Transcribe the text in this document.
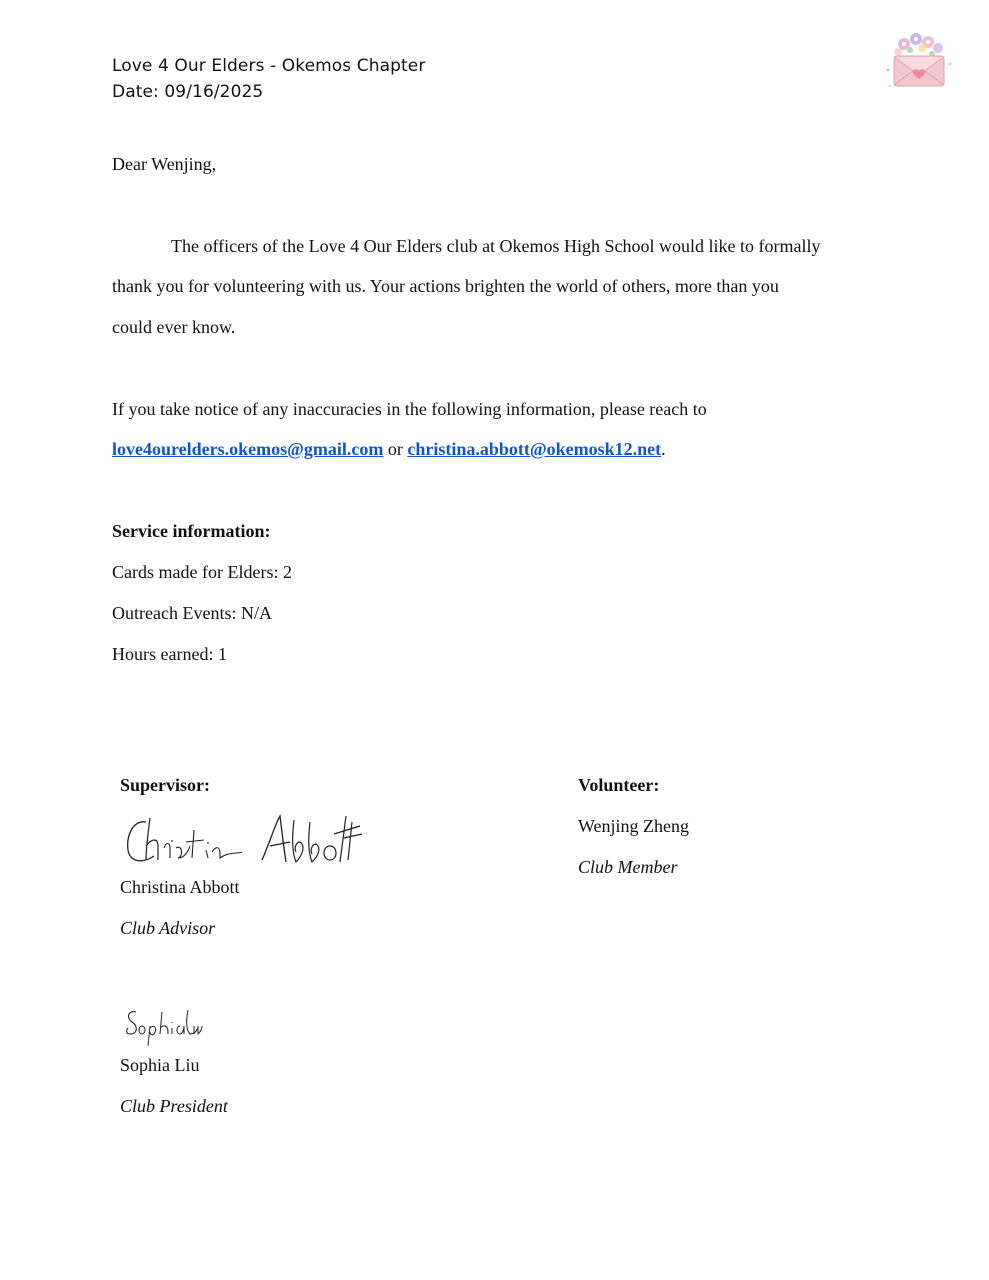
Love 4 Our Elders - Okemos Chapter
Date: 09/16/2025
Dear Wenjing,
The officers of the Love 4 Our Elders club at Okemos High School would like to formally
thank you for volunteering with us. Your actions brighten the world of others, more than you
could ever know.
If you take notice of any inaccuracies in the following information, please reach to
love4ourelders.okemos@gmail.com or christina.abbott@okemosk12.net.
Service information:
Cards made for Elders: 2
Outreach Events: N/A
Hours earned: 1
Supervisor:
Christina Abbott
Club Advisor
Volunteer:
Wenjing Zheng
Club Member
Sophia Liu
Club President
